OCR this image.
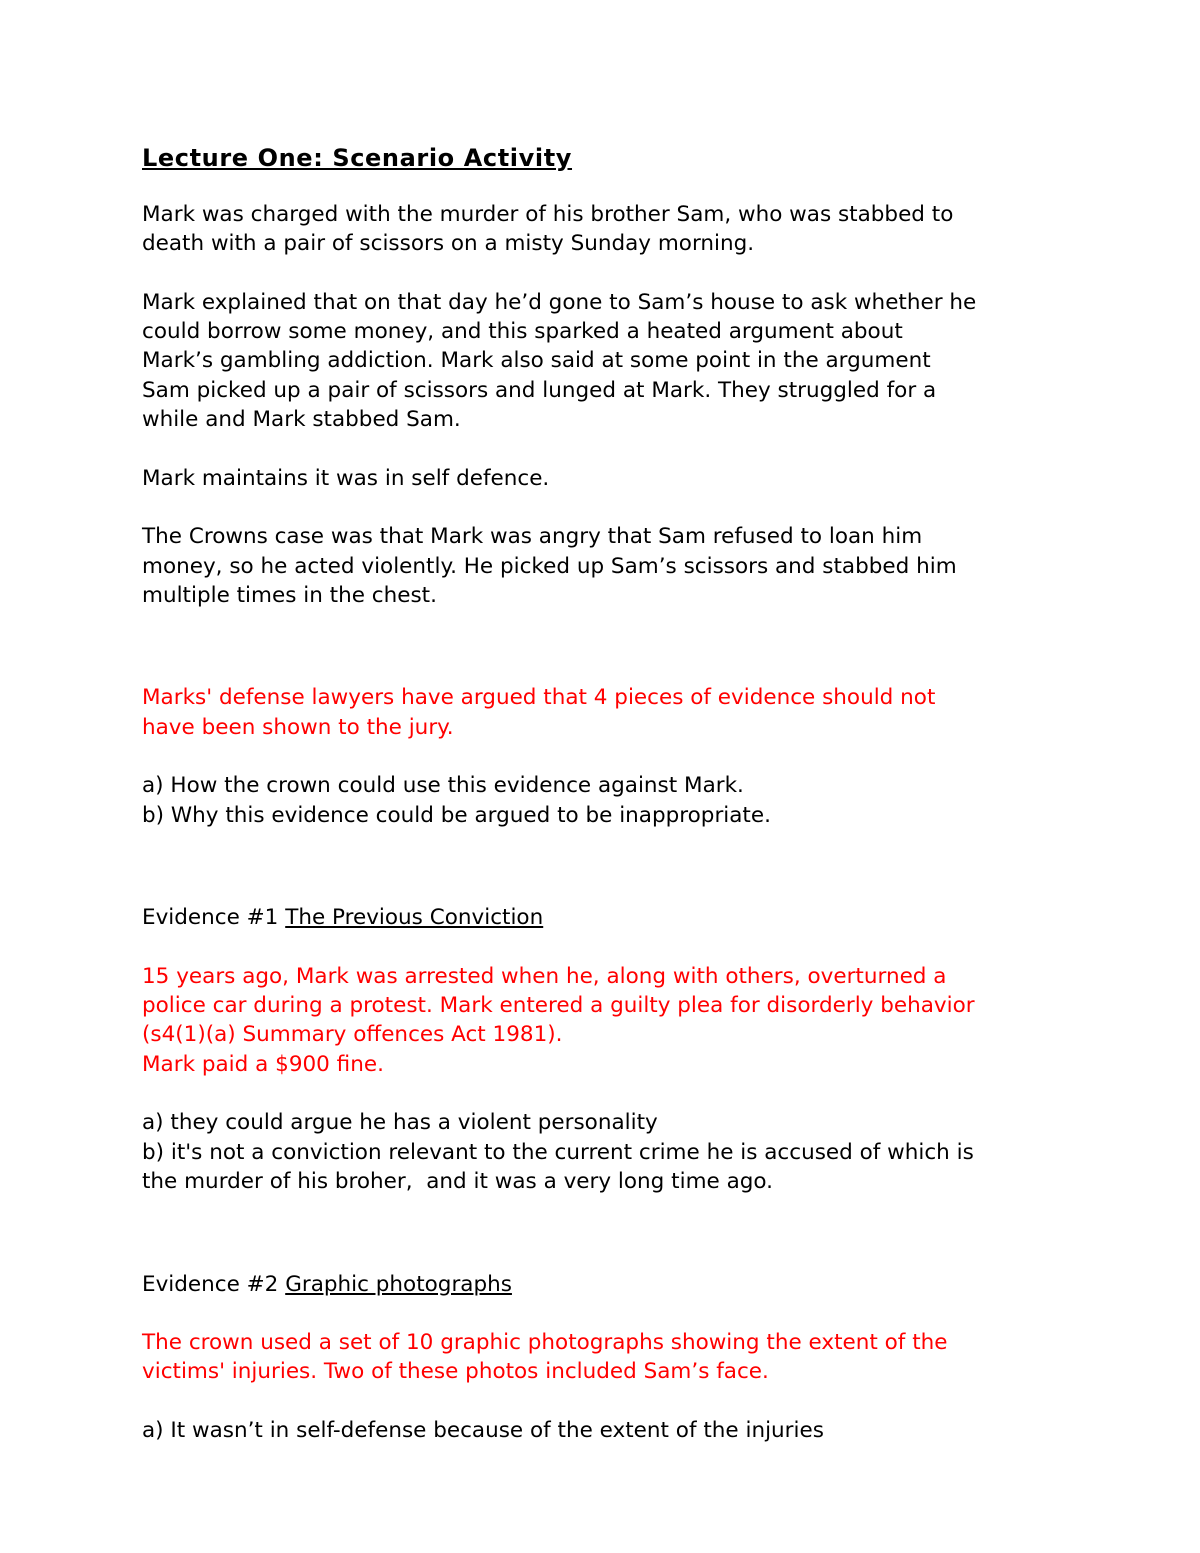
Lecture One: Scenario Activity
Mark was charged with the murder of his brother Sam, who was stabbed to
death with a pair of scissors on a misty Sunday morning.
Mark explained that on that day he’d gone to Sam’s house to ask whether he
could borrow some money, and this sparked a heated argument about
Mark’s gambling addiction. Mark also said at some point in the argument
Sam picked up a pair of scissors and lunged at Mark. They struggled for a
while and Mark stabbed Sam.
Mark maintains it was in self defence.
The Crowns case was that Mark was angry that Sam refused to loan him
money, so he acted violently. He picked up Sam’s scissors and stabbed him
multiple times in the chest.
Marks' defense lawyers have argued that 4 pieces of evidence should not
have been shown to the jury.
a) How the crown could use this evidence against Mark.
b) Why this evidence could be argued to be inappropriate.
Evidence #1 The Previous Conviction
15 years ago, Mark was arrested when he, along with others, overturned a
police car during a protest. Mark entered a guilty plea for disorderly behavior
(s4(1)(a) Summary offences Act 1981).
Mark paid a $900 fine.
a) they could argue he has a violent personality
b) it's not a conviction relevant to the current crime he is accused of which is
the murder of his broher,  and it was a very long time ago.
Evidence #2 Graphic photographs
The crown used a set of 10 graphic photographs showing the extent of the
victims' injuries. Two of these photos included Sam’s face.
a) It wasn’t in self-defense because of the extent of the injuries
